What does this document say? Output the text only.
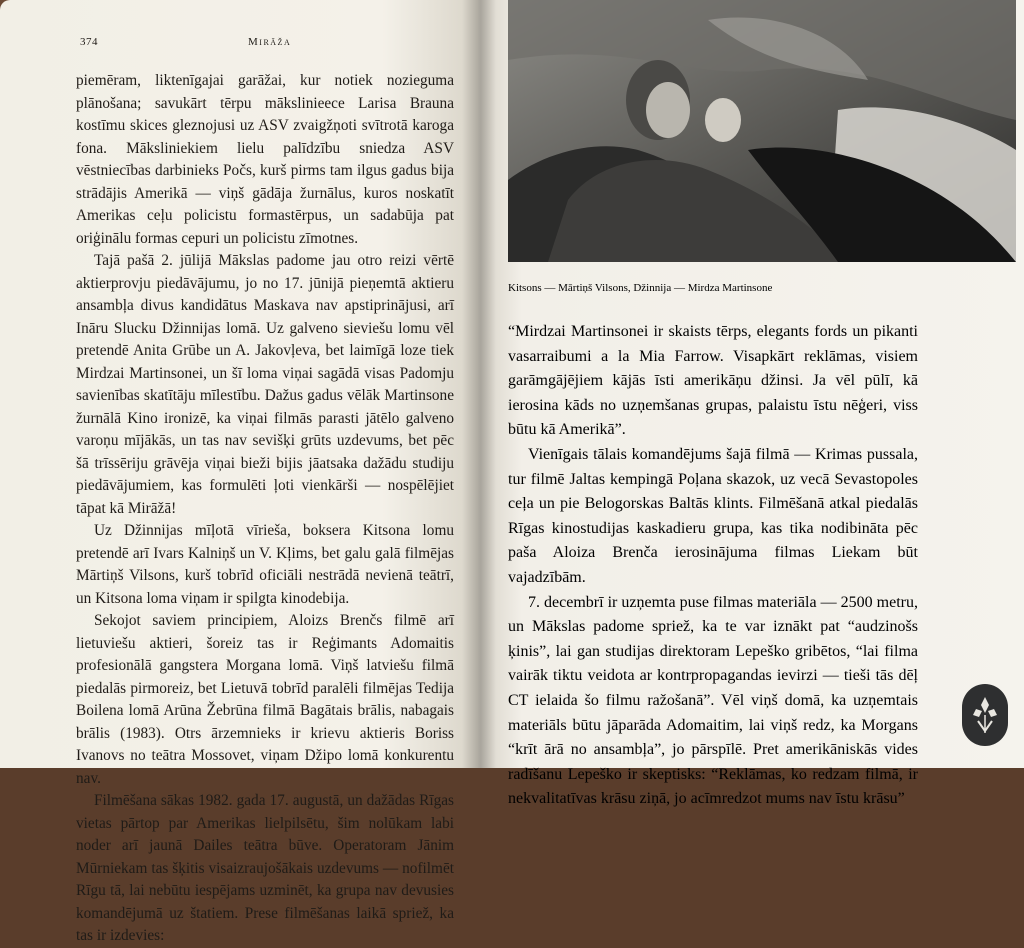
374	Mirāža

piemēram, liktenīgajai garāžai, kur notiek nozieguma plānošana; savukārt tērpu mākslinieece Larisa Brauna kostīmu skices gleznojusi uz ASV zvaigžņoti svītrotā karoga fona. Māksliniekiem lielu palīdzību sniedza ASV vēstniecības darbinieks Počs, kurš pirms tam ilgus gadus bija strādājis Amerikā — viņš gādāja žurnālus, kuros noskatīt Amerikas ceļu policistu formastērpus, un sadabūja pat oriģinālu formas cepuri un policistu zīmotnes.

Tajā pašā 2. jūlijā Mākslas padome jau otro reizi vērtē aktierprovju piedāvājumu, jo no 17. jūnijā pieņemtā aktieru ansambļa divus kandidātus Maskava nav apstiprinājusi, arī Ināru Slucku Džinnijas lomā. Uz galveno sieviešu lomu vēl pretendē Anita Grūbe un A. Jakovļeva, bet laimīgā loze tiek Mirdzai Martinsonei, un šī loma viņai sagādā visas Padomju savienības skatītāju mīlestību. Dažus gadus vēlāk Martinsone žurnālā Kino ironizē, ka viņai filmās parasti jātēlo galveno varoņu mījākās, un tas nav sevišķi grūts uzdevums, bet pēc šā trīssēriju grāvēja viņai bieži bijis jāatsaka dažādu studiju piedāvājumiem, kas formulēti ļoti vienkārši — nospēlējiet tāpat kā Mirāžā!

Uz Džinnijas mīļotā vīrieša, boksera Kitsona lomu pretendē arī Ivars Kalniņš un V. Kļims, bet galu galā filmējas Mārtiņš Vilsons, kurš tobrīd oficiāli nestrādā nevienā teātrī, un Kitsona loma viņam ir spilgta kinodebija.

Sekojot saviem principiem, Aloizs Brenčs filmē arī lietuviešu aktieri, šoreiz tas ir Reģimants Adomaitis profesionālā gangstera Morgana lomā. Viņš latviešu filmā piedalās pirmoreiz, bet Lietuvā tobrīd paralēli filmējas Tedija Boilena lomā Arūna Žebrūna filmā Bagātais brālis, nabagais brālis (1983). Otrs ārzemnieks ir krievu aktieris Boriss Ivanovs no teātra Mossovet, viņam Džipo lomā konkurentu nav.

Filmēšana sākas 1982. gada 17. augustā, un dažādas Rīgas vietas pārtop par Amerikas lielpilsētu, šim nolūkam labi noder arī jaunā Dailes teātra būve. Operatoram Jānim Mūrniekam tas šķitis visaizraujošākais uzdevums — nofilmēt Rīgu tā, lai nebūtu iespējams uzminēt, ka grupa nav devusies komandējumā uz štatiem. Prese filmēšanas laikā spriež, ka tas ir izdevies:

Kitsons — Mārtiņš Vilsons, Džinnija — Mirdza Martinsone

“Mirdzai Martinsonei ir skaists tērps, elegants fords un pikanti vasarraibumi a la Mia Farrow. Visapkārt reklāmas, visiem garāmgājējiem kājās īsti amerikāņu džinsi. Ja vēl pūlī, kā ierosina kāds no uzņemšanas grupas, palaistu īstu nēģeri, viss būtu kā Amerikā”.

Vienīgais tālais komandējums šajā filmā — Krimas pussala, tur filmē Jaltas kempingā Poļana skazok, uz vecā Sevastopoles ceļa un pie Belogorskas Baltās klints. Filmēšanā atkal piedalās Rīgas kinostudijas kaskadieru grupa, kas tika nodibināta pēc paša Aloiza Brenča ierosinājuma filmas Liekam būt vajadzībām.

7. decembrī ir uzņemta puse filmas materiāla — 2500 metru, un Mākslas padome spriež, ka te var iznākt pat “audzinošs ķinis”, lai gan studijas direktoram Lepeško gribētos, “lai filma vairāk tiktu veidota ar kontrpropagandas ievirzi — tieši tās dēļ CT ielaida šo filmu ražošanā”. Vēl viņš domā, ka uzņemtais materiāls būtu jāparāda Adomaitim, lai viņš redz, ka Morgans “krīt ārā no ansambļa”, jo pārspīlē. Pret amerikāniskās vides radīšanu Lepeško ir skeptisks: “Reklāmas, ko redzam filmā, ir nekvalitatīvas krāsu ziņā, jo acīmredzot mums nav īstu krāsu”
